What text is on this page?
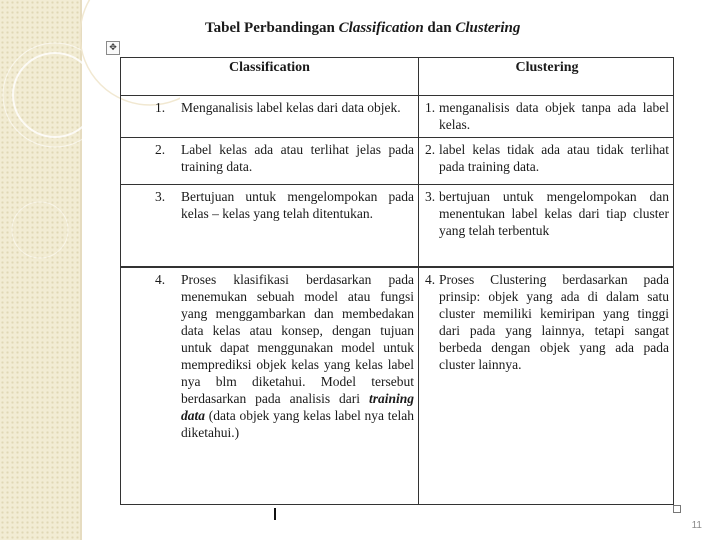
Tabel Perbandingan Classification dan Clustering
✥
Classification	Clustering
1. Menganalisis label kelas dari data objek.	1. menganalisis data objek tanpa ada label kelas.
2. Label kelas ada atau terlihat jelas pada training data.
2. label kelas tidak ada atau tidak terlihat pada training data.
3. Bertujuan untuk mengelompokan pada kelas – kelas yang telah ditentukan.
3. bertujuan untuk mengelompokan dan menentukan label kelas dari tiap cluster yang telah terbentuk
4. Proses klasifikasi berdasarkan pada menemukan sebuah model atau fungsi yang menggambarkan dan membedakan data kelas atau konsep, dengan tujuan untuk dapat menggunakan model untuk memprediksi objek kelas yang kelas label nya blm diketahui. Model tersebut berdasarkan pada analisis dari training data (data objek yang kelas label nya telah diketahui.)
4. Proses Clustering berdasarkan pada prinsip: objek yang ada di dalam satu cluster memiliki kemiripan yang tinggi dari pada yang lainnya, tetapi sangat berbeda dengan objek yang ada pada cluster lainnya.
11
